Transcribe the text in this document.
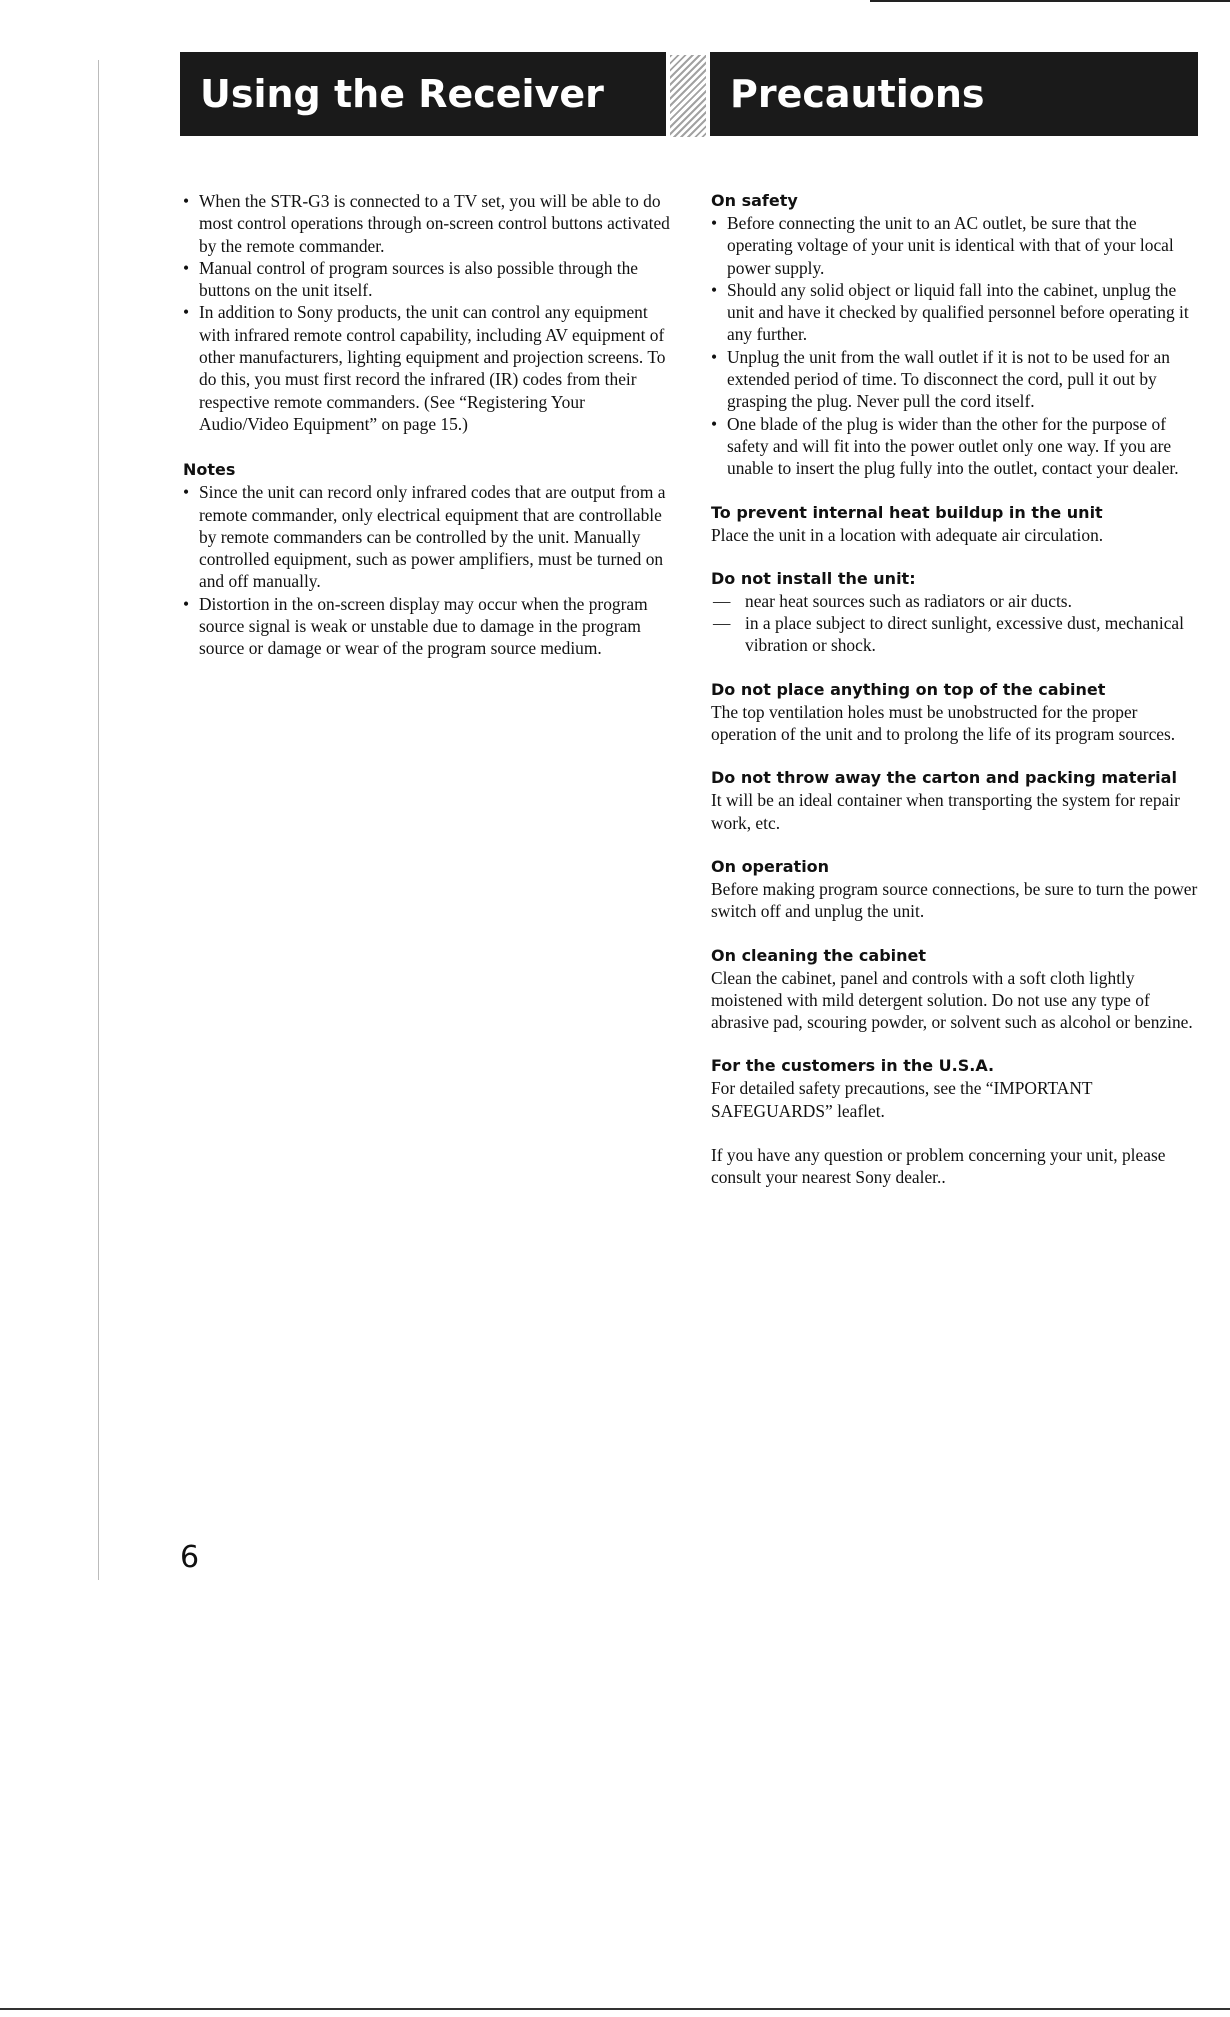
Using the Receiver	Precautions
• When the STR-G3 is connected to a TV set, you will be able to do most control operations through on-screen control buttons activated by the remote commander.
• Manual control of program sources is also possible through the buttons on the unit itself.
• In addition to Sony products, the unit can control any equipment with infrared remote control capability, including AV equipment of other manufacturers, lighting equipment and projection screens. To do this, you must first record the infrared (IR) codes from their respective remote commanders. (See “Registering Your Audio/Video Equipment” on page 15.)
Notes
• Since the unit can record only infrared codes that are output from a remote commander, only electrical equipment that are controllable by remote commanders can be controlled by the unit. Manually controlled equipment, such as power amplifiers, must be turned on and off manually.
• Distortion in the on-screen display may occur when the program source signal is weak or unstable due to damage in the program source or damage or wear of the program source medium.
On safety
• Before connecting the unit to an AC outlet, be sure that the operating voltage of your unit is identical with that of your local power supply.
• Should any solid object or liquid fall into the cabinet, unplug the unit and have it checked by qualified personnel before operating it any further.
• Unplug the unit from the wall outlet if it is not to be used for an extended period of time. To disconnect the cord, pull it out by grasping the plug. Never pull the cord itself.
• One blade of the plug is wider than the other for the purpose of safety and will fit into the power outlet only one way. If you are unable to insert the plug fully into the outlet, contact your dealer.
To prevent internal heat buildup in the unit

Place the unit in a location with adequate air circulation.

Do not install the unit:
— near heat sources such as radiators or air ducts.
— in a place subject to direct sunlight, excessive dust, mechanical vibration or shock.
Do not place anything on top of the cabinet

The top ventilation holes must be unobstructed for the proper operation of the unit and to prolong the life of its program sources.

Do not throw away the carton and packing material

It will be an ideal container when transporting the system for repair work, etc.

On operation

Before making program source connections, be sure to turn the power switch off and unplug the unit.

On cleaning the cabinet

Clean the cabinet, panel and controls with a soft cloth lightly moistened with mild detergent solution. Do not use any type of abrasive pad, scouring powder, or solvent such as alcohol or benzine.

For the customers in the U.S.A.

For detailed safety precautions, see the “IMPORTANT SAFEGUARDS” leaflet.

If you have any question or problem concerning your unit, please consult your nearest Sony dealer..

6
